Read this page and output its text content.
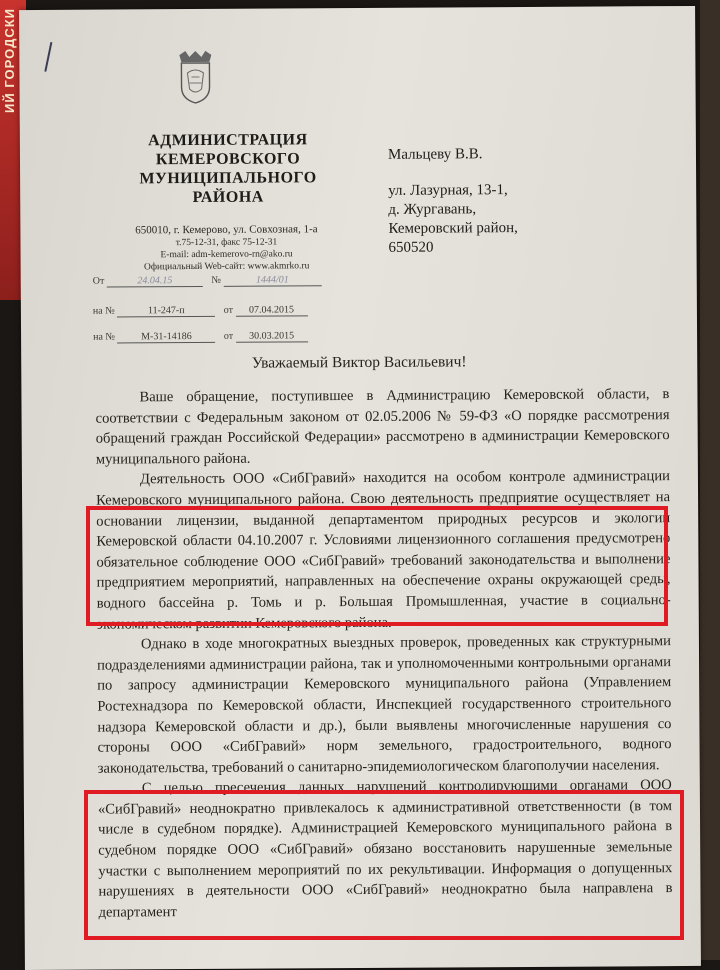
ИЙ ГОРОДСКИ
АДМИНИСТРАЦИЯ
КЕМЕРОВСКОГО
МУНИЦИПАЛЬНОГО
РАЙОНА
650010, г. Кемерово, ул. Совхозная, 1-а
т.75-12-31, факс 75-12-31
E-mail: adm-kemerovo-rn@ako.ru
Официальный Web-сайт: www.akmrko.ru
Мальцеву В.В.
ул. Лазурная, 13-1,
д. Жургавань,
Кемеровский район,
650520
От	24.04.15	№	1444/01
на №	11-247-п	от 07.04.2015
на №	М-31-14186	от 30.03.2015
Уважаемый Виктор Васильевич!

Ваше обращение, поступившее в Администрацию Кемеровской области, в соответствии с Федеральным законом от 02.05.2006 № 59-ФЗ «О порядке рассмотрения обращений граждан Российской Федерации» рассмотрено в администрации Кемеровского муниципального района.

Деятельность ООО «СибГравий» находится на особом контроле администрации Кемеровского муниципального района. Свою деятельность предприятие осуществляет на основании лицензии, выданной департаментом природных ресурсов и экологии Кемеровской области 04.10.2007 г. Условиями лицензионного соглашения предусмотрено обязательное соблюдение ООО «СибГравий» требований законодательства и выполнение предприятием мероприятий, направленных на обеспечение охраны окружающей среды, водного бассейна р. Томь и р. Большая Промышленная, участие в социально-экономическом развитии Кемеровского района.

Однако в ходе многократных выездных проверок, проведенных как структурными подразделениями администрации района, так и уполномоченными контрольными органами по запросу администрации Кемеровского муниципального района (Управлением Ростехнадзора по Кемеровской области, Инспекцией государственного строительного надзора Кемеровской области и др.), были выявлены многочисленные нарушения со стороны ООО «СибГравий» норм земельного, градостроительного, водного законодательства, требований о санитарно-эпидемиологическом благополучии населения.

С целью пресечения данных нарушений контролирующими органами ООО «СибГравий» неоднократно привлекалось к административной ответственности (в том числе в судебном порядке). Администрацией Кемеровского муниципального района в судебном порядке ООО «СибГравий» обязано восстановить нарушенные земельные участки с выполнением мероприятий по их рекультивации. Информация о допущенных нарушениях в деятельности ООО «СибГравий» неоднократно была направлена в департамент
